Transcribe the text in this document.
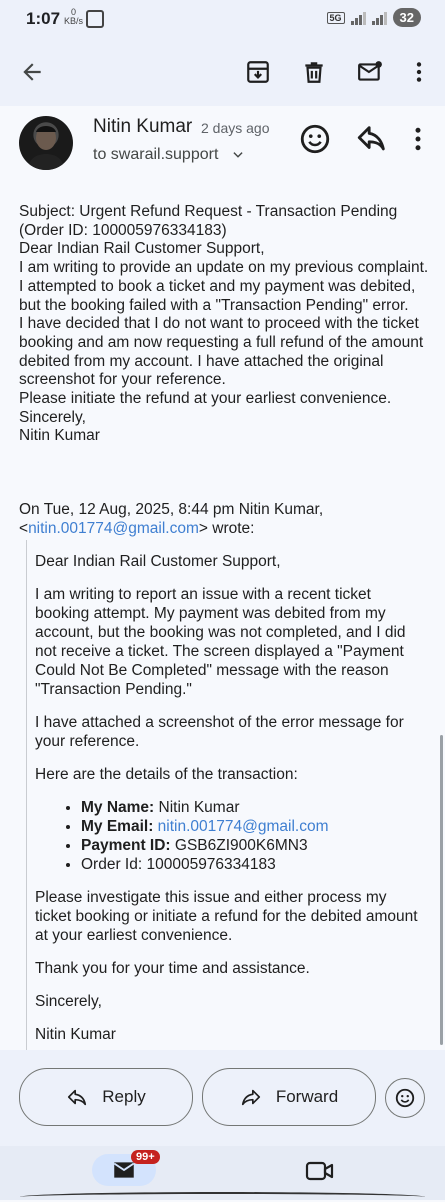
1:07	0
KB/s	5G	32
Nitin Kumar 2 days ago
to swarail.support

Subject: Urgent Refund Request - Transaction Pending (Order ID: 100005976334183)

Dear Indian Rail Customer Support,

I am writing to provide an update on my previous complaint. I attempted to book a ticket and my payment was debited, but the booking failed with a "Transaction Pending" error.

I have decided that I do not want to proceed with the ticket booking and am now requesting a full refund of the amount debited from my account. I have attached the original screenshot for your reference.

Please initiate the refund at your earliest convenience.

Sincerely,

Nitin Kumar

On Tue, 12 Aug, 2025, 8:44 pm Nitin Kumar, <nitin.001774@gmail.com> wrote:

Dear Indian Rail Customer Support,

I am writing to report an issue with a recent ticket booking attempt. My payment was debited from my account, but the booking was not completed, and I did not receive a ticket. The screen displayed a "Payment Could Not Be Completed" message with the reason "Transaction Pending."

I have attached a screenshot of the error message for your reference.

Here are the details of the transaction:

• My Name: Nitin Kumar
• My Email: nitin.001774@gmail.com
• Payment ID: GSB6ZI900K6MN3
• Order Id: 100005976334183

Please investigate this issue and either process my ticket booking or initiate a refund for the debited amount at your earliest convenience.

Thank you for your time and assistance.

Sincerely,

Nitin Kumar

Reply	Forward
99+
